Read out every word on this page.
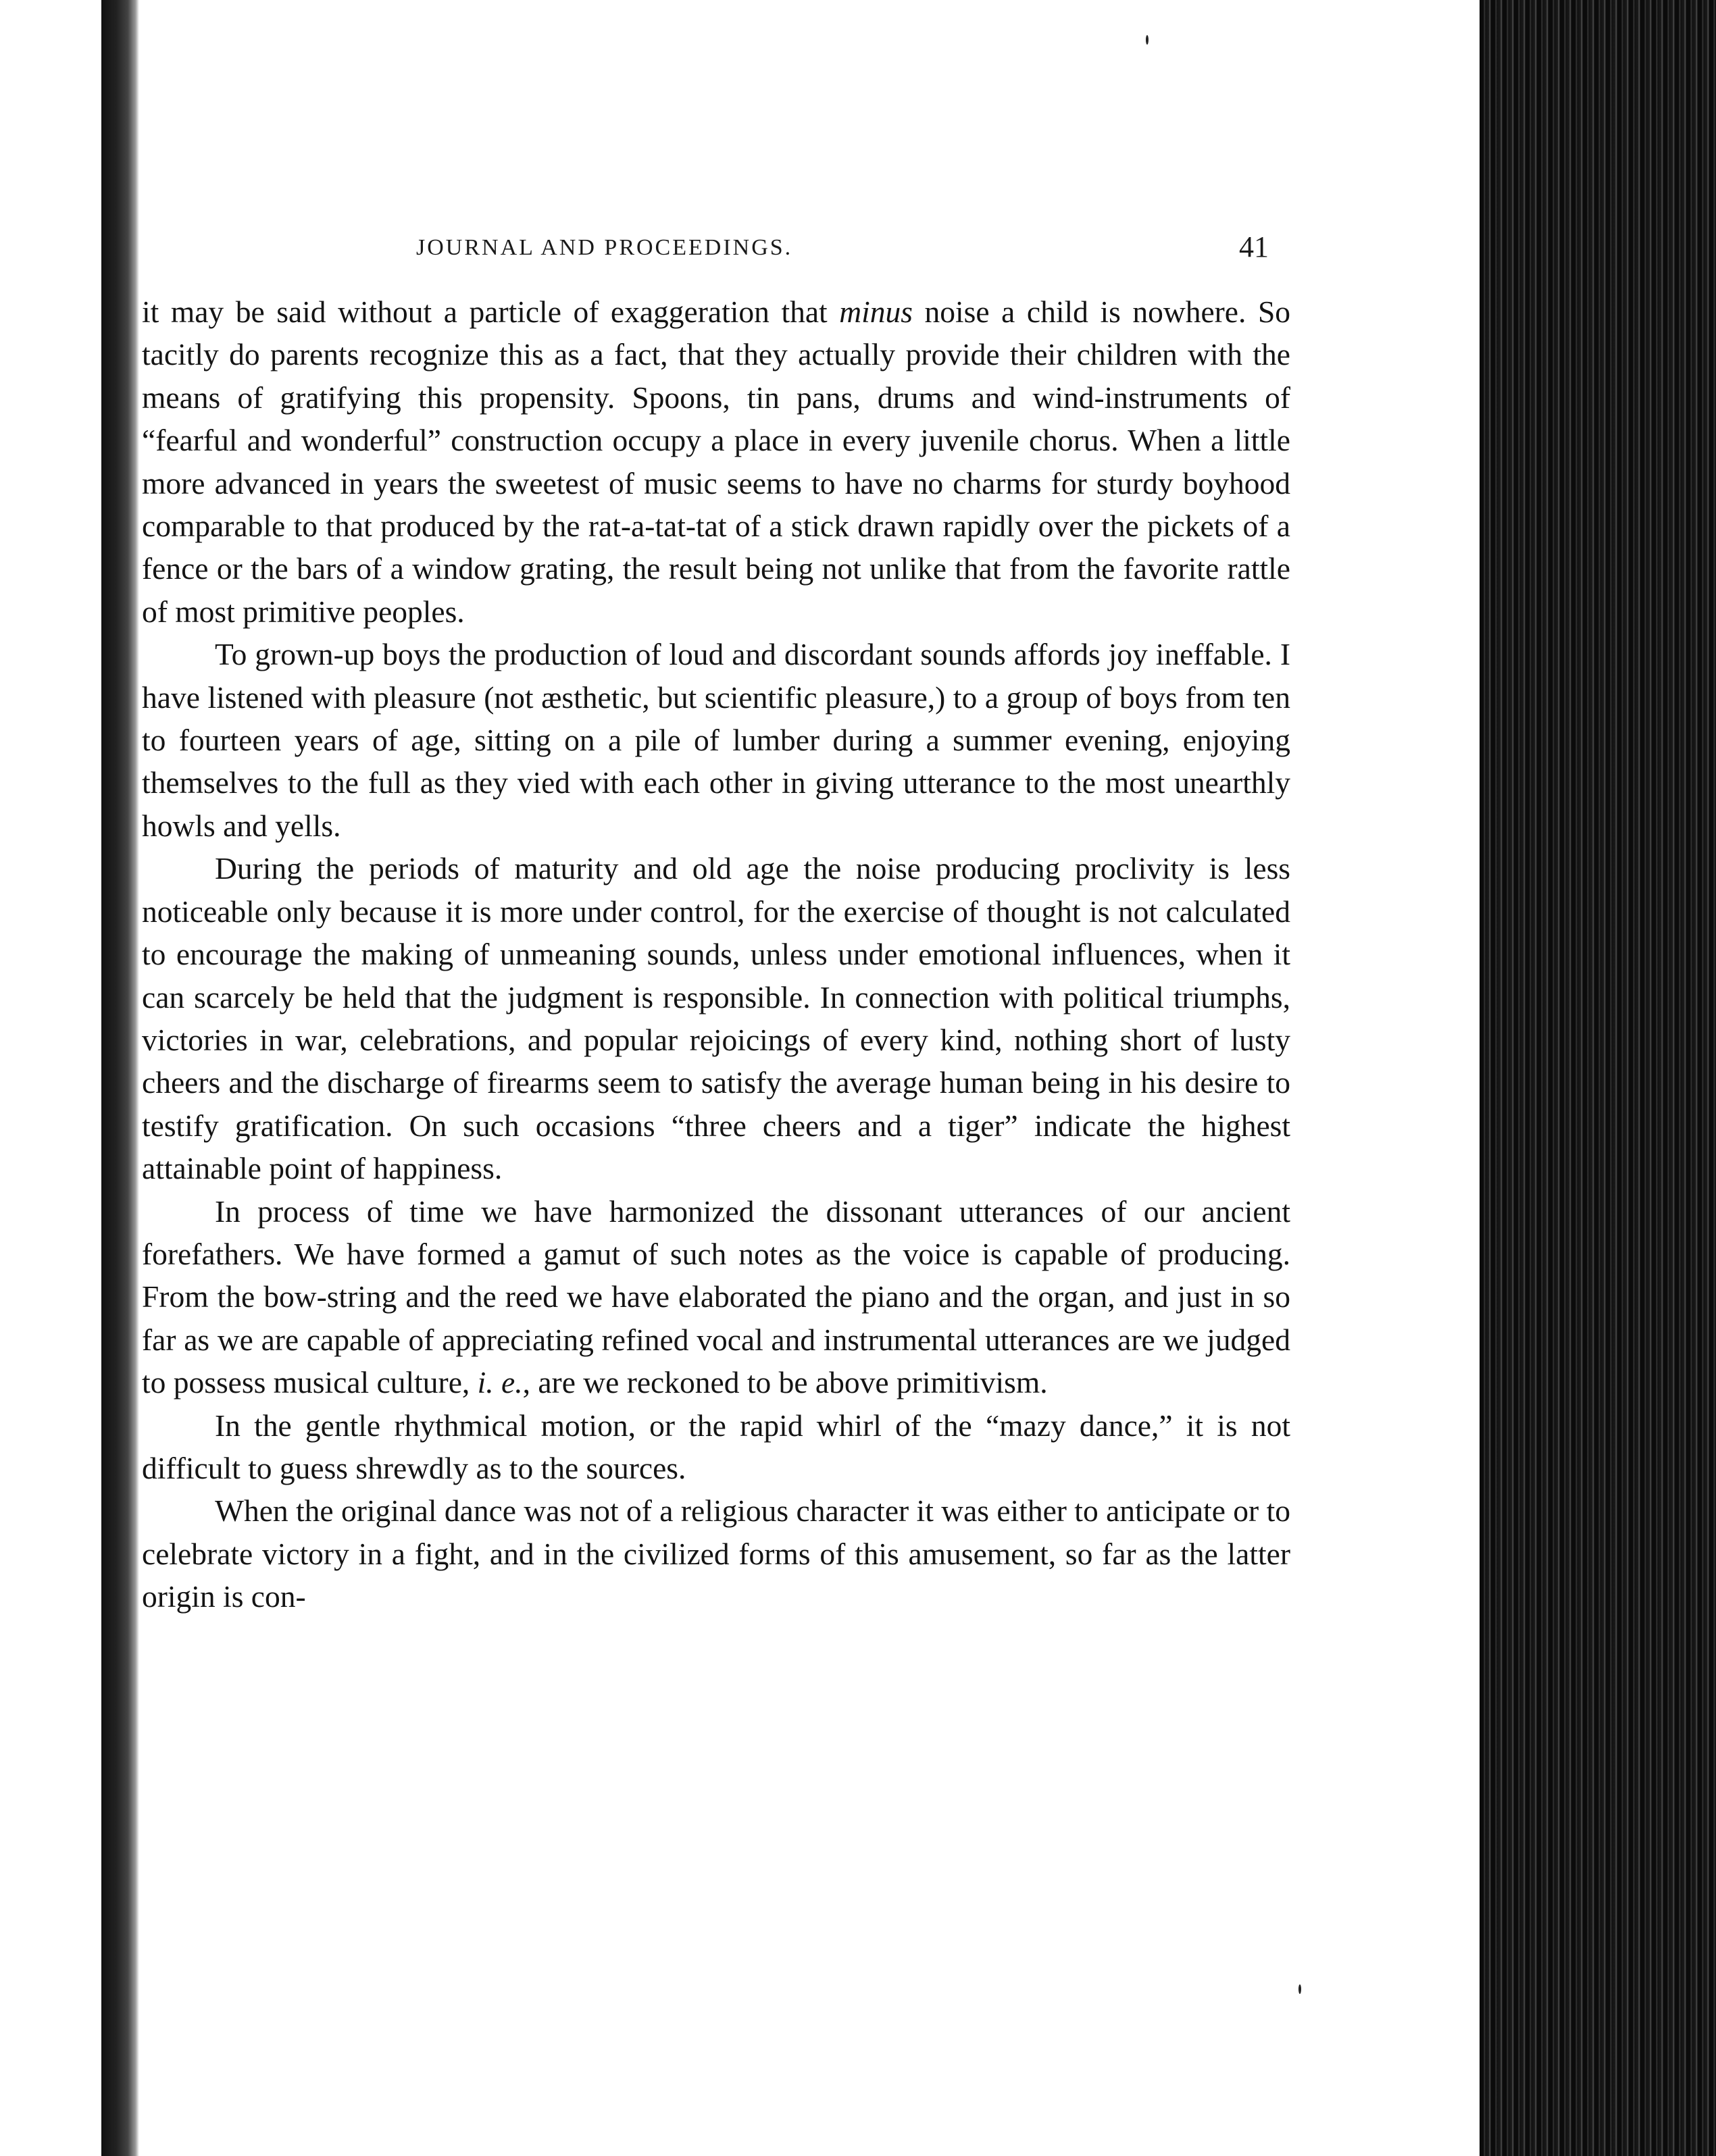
JOURNAL AND PROCEEDINGS.	41

it may be said without a particle of exaggeration that minus noise a child is nowhere. So tacitly do parents recognize this as a fact, that they actually provide their children with the means of gratifying this propensity. Spoons, tin pans, drums and wind-instruments of “fearful and wonderful” construction occupy a place in every juvenile chorus. When a little more advanced in years the sweetest of music seems to have no charms for sturdy boyhood comparable to that produced by the rat-a-tat-tat of a stick drawn rapidly over the pickets of a fence or the bars of a window grating, the result being not unlike that from the favorite rattle of most primitive peoples.

To grown-up boys the production of loud and discordant sounds affords joy ineffable. I have listened with pleasure (not æsthetic, but scientific pleasure,) to a group of boys from ten to fourteen years of age, sitting on a pile of lumber during a summer evening, enjoying themselves to the full as they vied with each other in giving utterance to the most unearthly howls and yells.

During the periods of maturity and old age the noise producing proclivity is less noticeable only because it is more under control, for the exercise of thought is not calculated to encourage the making of unmeaning sounds, unless under emotional influences, when it can scarcely be held that the judgment is responsible. In connection with political triumphs, victories in war, celebrations, and popular rejoicings of every kind, nothing short of lusty cheers and the discharge of firearms seem to satisfy the average human being in his desire to testify gratification. On such occasions “three cheers and a tiger” indicate the highest attainable point of happiness.

In process of time we have harmonized the dissonant utterances of our ancient forefathers. We have formed a gamut of such notes as the voice is capable of producing. From the bow-string and the reed we have elaborated the piano and the organ, and just in so far as we are capable of appreciating refined vocal and instrumental utterances are we judged to possess musical culture, i. e., are we reckoned to be above primitivism.

In the gentle rhythmical motion, or the rapid whirl of the “mazy dance,” it is not difficult to guess shrewdly as to the sources.

When the original dance was not of a religious character it was either to anticipate or to celebrate victory in a fight, and in the civilized forms of this amusement, so far as the latter origin is con-
